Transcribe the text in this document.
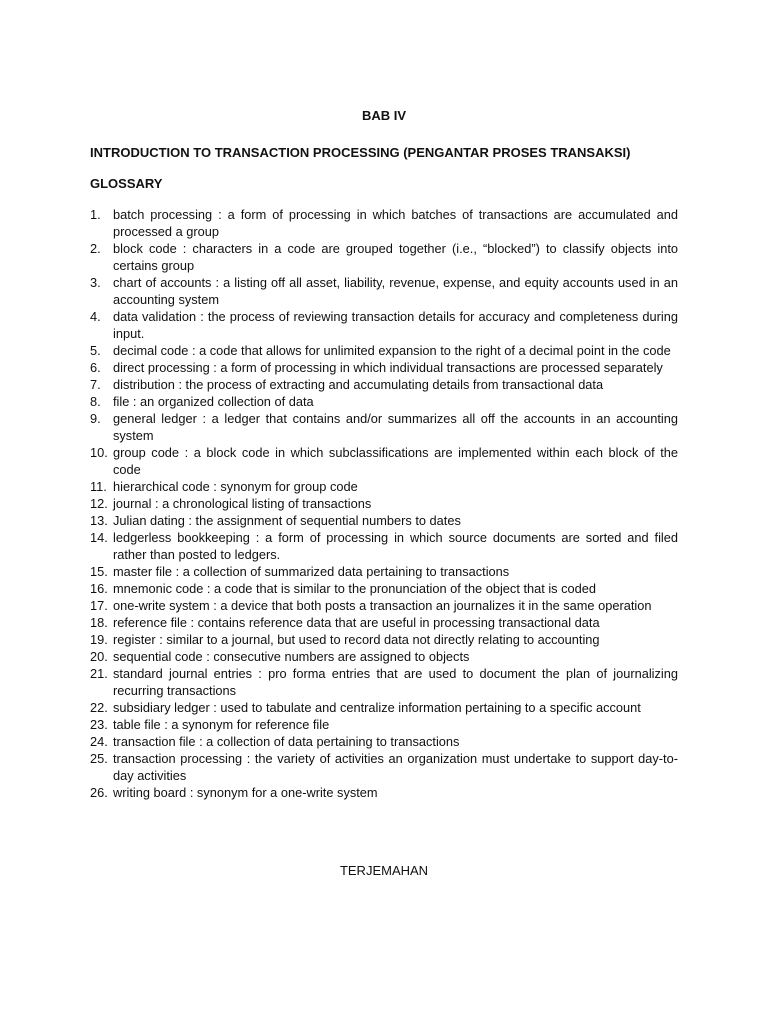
BAB IV
INTRODUCTION TO TRANSACTION PROCESSING (PENGANTAR PROSES TRANSAKSI)
GLOSSARY
1. batch processing : a form of processing in which batches of transactions are accumulated and processed a group
2. block code : characters in a code are grouped together (i.e., “blocked”) to classify objects into certains group
3. chart of accounts : a listing off all asset, liability, revenue, expense, and equity accounts used in an accounting system
4. data validation : the process of reviewing transaction details for accuracy and completeness during input.
5. decimal code : a code that allows for unlimited expansion to the right of a decimal point in the code
6. direct processing : a form of processing in which individual transactions are processed separately
7. distribution : the process of extracting and accumulating details from transactional data
8. file : an organized collection of data
9. general ledger : a ledger that contains and/or summarizes all off the accounts in an accounting system
10. group code : a block code in which subclassifications are implemented within each block of the code
11. hierarchical code : synonym for group code
12. journal : a chronological listing of transactions
13. Julian dating : the assignment of sequential numbers to dates
14. ledgerless bookkeeping : a form of processing in which source documents are sorted and filed rather than posted to ledgers.
15. master file : a collection of summarized data pertaining to transactions
16. mnemonic code : a code that is similar to the pronunciation of the object that is coded
17. one-write system : a device that both posts a transaction an journalizes it in the same operation
18. reference file : contains reference data that are useful in processing transactional data
19. register : similar to a journal, but used to record data not directly relating to accounting
20. sequential code : consecutive numbers are assigned to objects
21. standard journal entries : pro forma entries that are used to document the plan of journalizing recurring transactions
22. subsidiary ledger : used to tabulate and centralize information pertaining to a specific account
23. table file : a synonym for reference file
24. transaction file : a collection of data pertaining to transactions
25. transaction processing : the variety of activities an organization must undertake to support day-to-day activities
26. writing board : synonym for a one-write system

TERJEMAHAN
